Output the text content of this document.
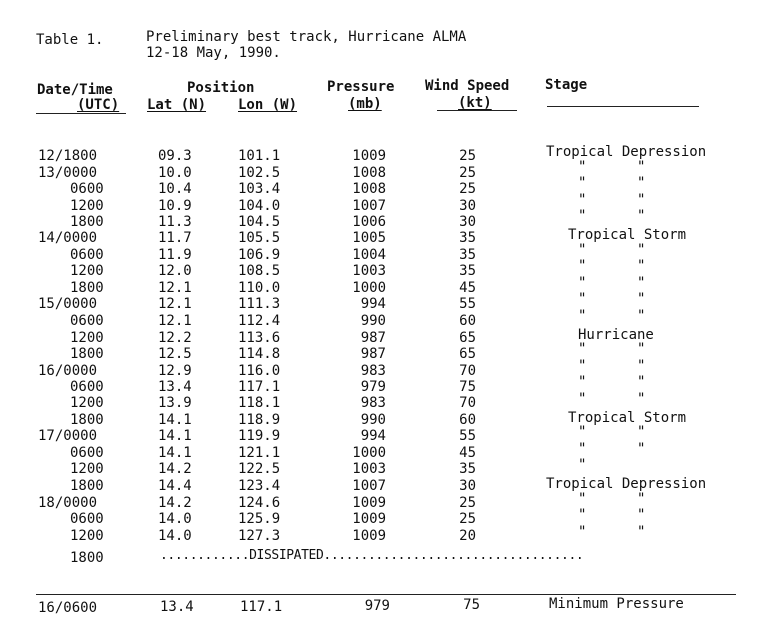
Table 1.	Preliminary best track, Hurricane ALMA
12-18 May, 1990.
Date/Time
(UTC)
Position
Lat (N) Lon (W)
Pressure
(mb)
Wind Speed
(kt)
Stage
12/1800	09.3	101.1	1009	25	Tropical Depression
13/0000	10.0	102.5	1008	25	"      "
0600	10.4	103.4	1008	25	"      "
1200	10.9	104.0	1007	30	"      "
1800	11.3	104.5	1006	30	"      "
14/0000	11.7	105.5	1005	35	Tropical Storm
0600	11.9	106.9	1004	35	"      "
1200	12.0	108.5	1003	35	"      "
1800	12.1	110.0	1000	45	"      "
15/0000	12.1	111.3	994	55	"      "
0600	12.1	112.4	990	60	"      "
1200	12.2	113.6	987	65	Hurricane
1800	12.5	114.8	987	65	"      "
16/0000	12.9	116.0	983	70	"      "
0600	13.4	117.1	979	75	"      "
1200	13.9	118.1	983	70	"      "
1800	14.1	118.9	990	60	Tropical Storm
17/0000	14.1	119.9	994	55	"      "
0600	14.1	121.1	1000	45	"      "
1200	14.2	122.5	1003	35	"
1800	14.4	123.4	1007	30	Tropical Depression
18/0000	14.2	124.6	1009	25	"      "
0600	14.0	125.9	1009	25	"      "
1200	14.0	127.3	1009	20	"      "
1800	............DISSIPATED...................................
16/0600	13.4	117.1	979	75	Minimum Pressure
